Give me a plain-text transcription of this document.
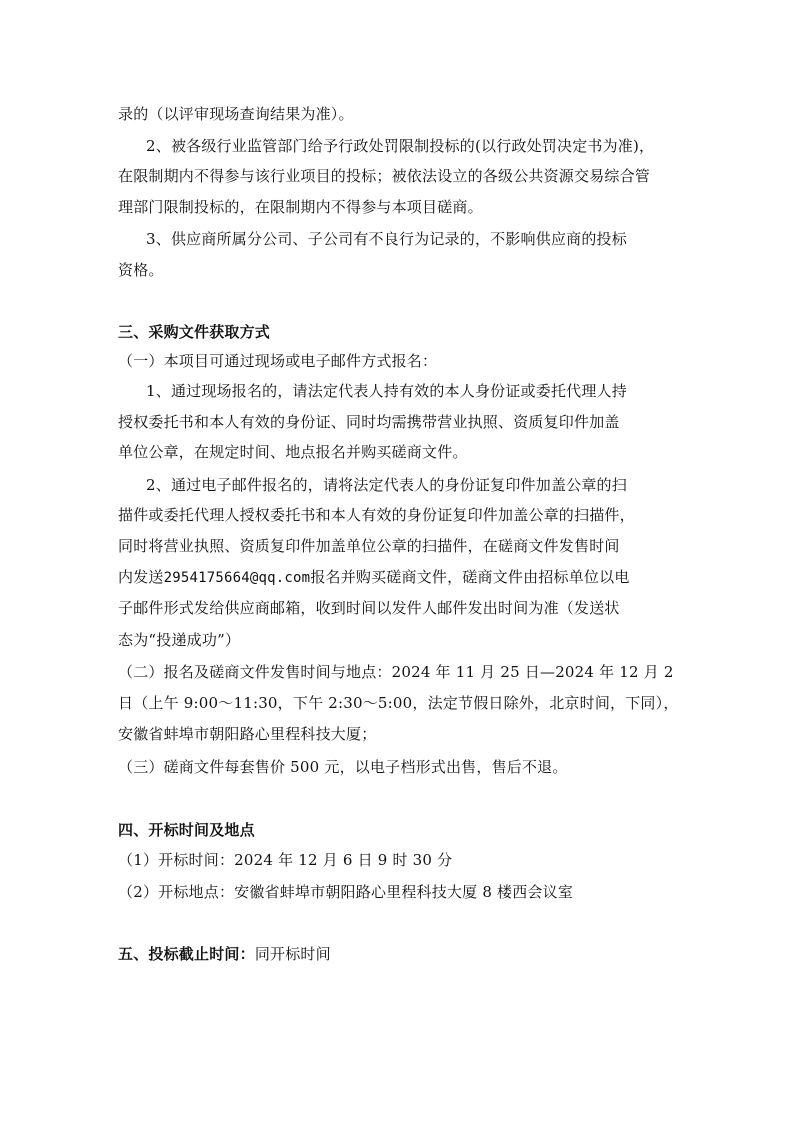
录的（以评审现场查询结果为准）。
2、被各级行业监管部门给予行政处罚限制投标的(以行政处罚决定书为准)，
在限制期内不得参与该行业项目的投标；被依法设立的各级公共资源交易综合管
理部门限制投标的，在限制期内不得参与本项目磋商。
3、供应商所属分公司、子公司有不良行为记录的，不影响供应商的投标
资格。
三、采购文件获取方式
（一）本项目可通过现场或电子邮件方式报名：
1、通过现场报名的，请法定代表人持有效的本人身份证或委托代理人持
授权委托书和本人有效的身份证、同时均需携带营业执照、资质复印件加盖
单位公章，在规定时间、地点报名并购买磋商文件。
2、通过电子邮件报名的，请将法定代表人的身份证复印件加盖公章的扫
描件或委托代理人授权委托书和本人有效的身份证复印件加盖公章的扫描件，
同时将营业执照、资质复印件加盖单位公章的扫描件，在磋商文件发售时间
内发送2954175664@qq.com报名并购买磋商文件，磋商文件由招标单位以电
子邮件形式发给供应商邮箱，收到时间以发件人邮件发出时间为准（发送状
态为“投递成功”）
（二）报名及磋商文件发售时间与地点：2024 年 11 月 25 日—2024 年 12 月 2
日（上午 9:00～11:30，下午 2:30～5:00，法定节假日除外，北京时间，下同），
安徽省蚌埠市朝阳路心里程科技大厦；
（三）磋商文件每套售价 500 元，以电子档形式出售，售后不退。
四、开标时间及地点
（1）开标时间：2024 年 12 月 6 日 9 时 30 分
（2）开标地点：安徽省蚌埠市朝阳路心里程科技大厦 8 楼西会议室
五、投标截止时间：同开标时间
